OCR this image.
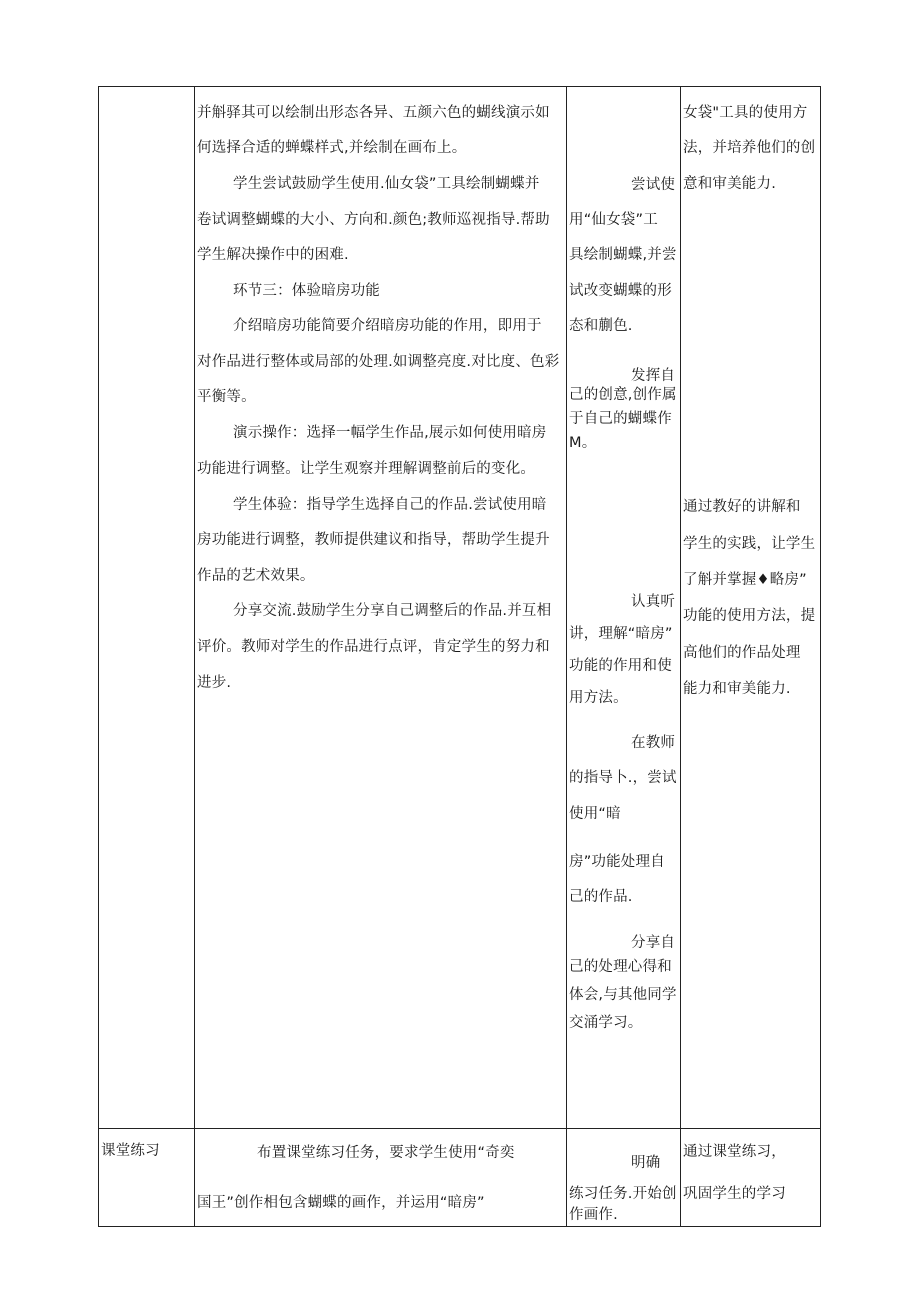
并斛驿其可以绘制出形态各异、五颜六色的蝴线演示如
何选择合适的蝉蝶样式,并绘制在画布上。
学生尝试鼓励学生使用.仙女袋”工具绘制蝴蝶并
卷试调整蝴蝶的大小、方向和.颜色;教师巡视指导.帮助
学生解决操作中的困难.
环节三：体验暗房功能
介绍暗房功能简要介绍暗房功能的作用，即用于
对作品进行整体或局部的处理.如调整亮度.对比度、色彩
平衡等。
演示操作：选择一幅学生作品,展示如何使用暗房
功能进行调整。让学生观察并理解调整前后的变化。
学生体验：指导学生选择自己的作品.尝试使用暗
房功能进行调整，教师提供建议和指导，帮助学生提升
作品的艺术效果。
分享交流.鼓励学生分享自己调整后的作品.并互相
评价。教师对学生的作品进行点评，肯定学生的努力和
进步.
尝试使
用“仙女袋”工
具绘制蝴蝶,并尝
试改变蝴蝶的形
态和蒯色.
发挥自
己的创意,创作属
于自己的蝴蝶作
M。
认真听
讲，理解“暗房”
功能的作用和使
用方法。
在教师
的指导卜.，尝试
使用“暗
房”功能处理自
己的作品.
分享自
己的处理心得和
体会,与其他同学
交涌学习。
女袋"工具的使用方
法，并培养他们的创
意和审美能力.
通过教好的讲解和
学生的实践，让学生
了斛并掌握♦略房”
功能的使用方法，提
高他们的作品处理
能力和审美能力.
课堂练习	布置课堂练习任务，要求学生使用“奇奕
国王”创作相包含蝴蝶的画作，并运用“暗房”
明确
练习任务.开始创
作画作.
通过课堂练习，
巩固学生的学习
